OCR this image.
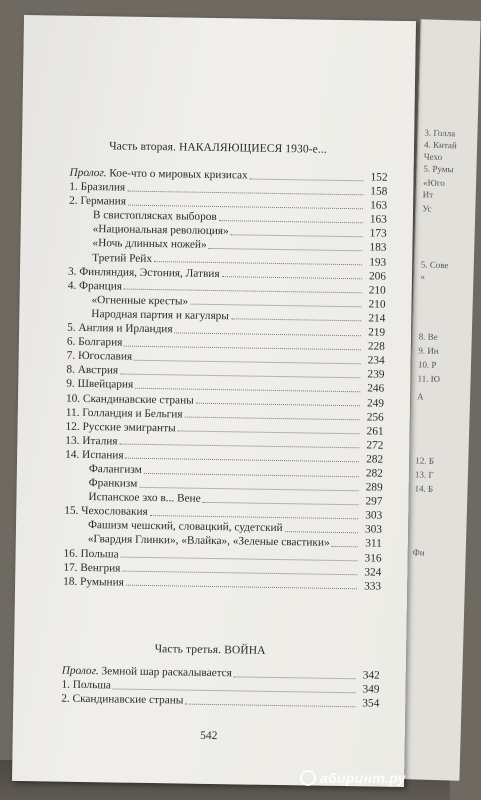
3. Голла
4. Китай
Чехо
5. Румы
«Юго
Ит
Ус
5. Сове
«
8. Ве
9. Ин
10. Р
11. Ю
А
12. Б
13. Г
14. Б
Фи
Часть вторая. НАКАЛЯЮЩИЕСЯ 1930-е...
Пролог. Кое-что о мировых кризисах	152
1. Бразилия	158
2. Германия	163
В свистоплясках выборов	163
«Национальная революция»	173
«Ночь длинных ножей»	183
Третий Рейх	193
3. Финляндия, Эстония, Латвия	206
4. Франция	210
«Огненные кресты»	210
Народная партия и кагуляры	214
5. Англия и Ирландия	219
6. Болгария	228
7. Югославия	234
8. Австрия	239
9. Швейцария	246
10. Скандинавские страны	249
11. Голландия и Бельгия	256
12. Русские эмигранты	261
13. Италия	272
14. Испания	282
Фалангизм	282
Франкизм	289
Испанское эхо в... Вене	297
15. Чехословакия	303
Фашизм чешский, словацкий, судетский	303
«Гвардия Глинки», «Влайка», «Зеленые свастики»	311
16. Польша	316
17. Венгрия	324
18. Румыния	333
Часть третья. ВОЙНА
Пролог. Земной шар раскалывается	342
1. Польша	349
2. Скандинавские страны	354
542
абиринт.ру
